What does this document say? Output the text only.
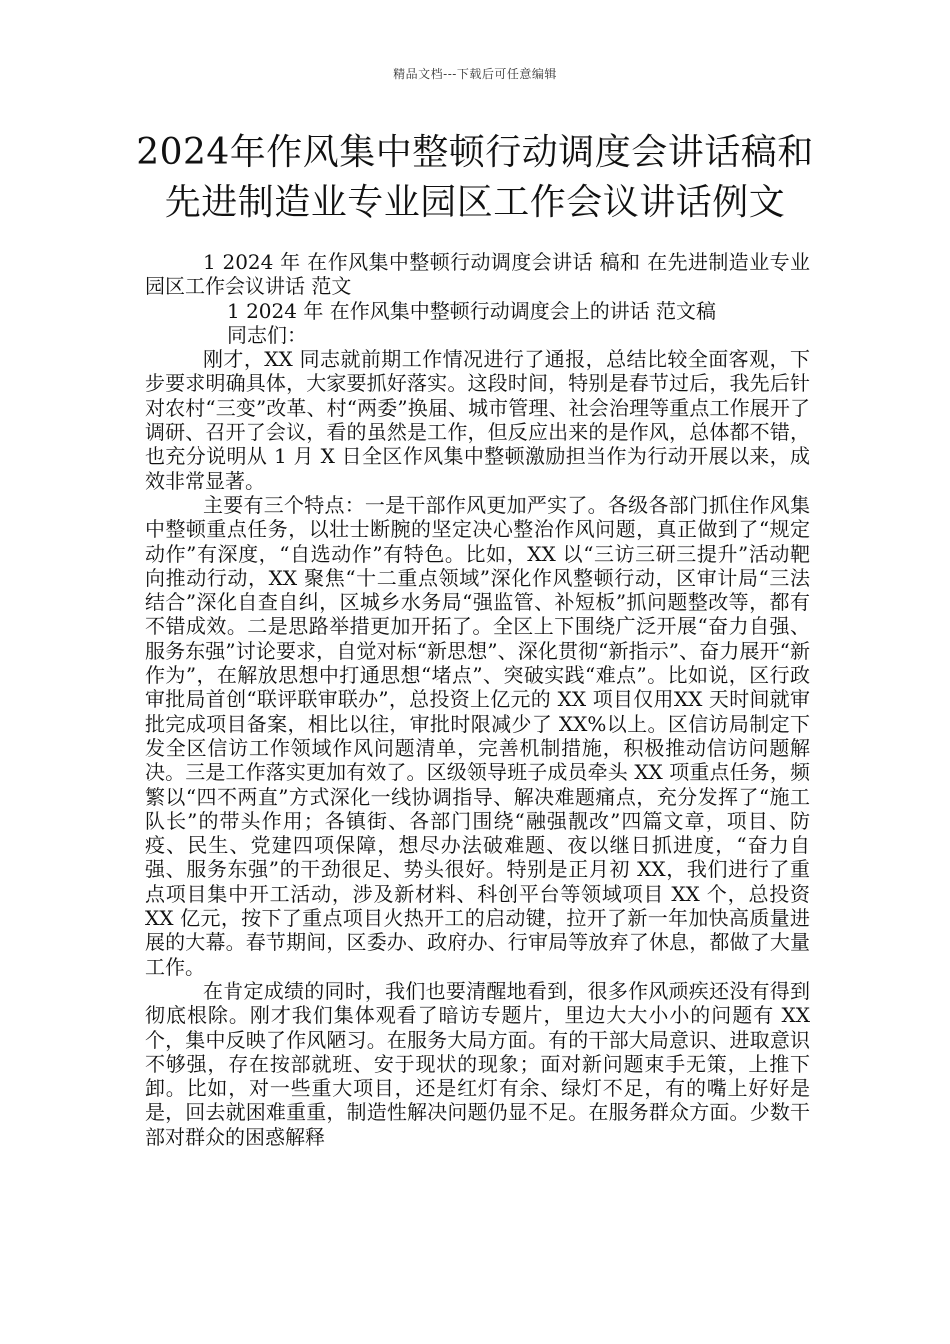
精品文档---下载后可任意编辑
2024年作风集中整顿行动调度会讲话稿和
先进制造业专业园区工作会议讲话例文

1 2024 年 在作风集中整顿行动调度会讲话 稿和 在先进制造业专业园区工作会议讲话 范文

1 2024 年 在作风集中整顿行动调度会上的讲话 范文稿

同志们：

刚才，XX 同志就前期工作情况进行了通报，总结比较全面客观，下步要求明确具体，大家要抓好落实。这段时间，特别是春节过后，我先后针对农村“三变”改革、村“两委”换届、城市管理、社会治理等重点工作展开了调研、召开了会议，看的虽然是工作，但反应出来的是作风，总体都不错，也充分说明从 1 月 X 日全区作风集中整顿激励担当作为行动开展以来，成效非常显著。

主要有三个特点：一是干部作风更加严实了。各级各部门抓住作风集中整顿重点任务，以壮士断腕的坚定决心整治作风问题，真正做到了“规定动作”有深度，“自选动作”有特色。比如，XX 以“三访三研三提升”活动靶向推动行动，XX 聚焦“十二重点领域”深化作风整顿行动，区审计局“三法结合”深化自查自纠，区城乡水务局“强监管、补短板”抓问题整改等，都有不错成效。二是思路举措更加开拓了。全区上下围绕广泛开展“奋力自强、服务东强”讨论要求，自觉对标“新思想”、深化贯彻“新指示”、奋力展开“新作为”，在解放思想中打通思想“堵点”、突破实践“难点”。比如说，区行政审批局首创“联评联审联办”，总投资上亿元的 XX 项目仅用XX 天时间就审批完成项目备案，相比以往，审批时限减少了 XX%以上。区信访局制定下发全区信访工作领域作风问题清单，完善机制措施，积极推动信访问题解决。三是工作落实更加有效了。区级领导班子成员牵头 XX 项重点任务，频繁以“四不两直”方式深化一线协调指导、解决难题痛点，充分发挥了“施工队长”的带头作用；各镇街、各部门围绕“融强靓改”四篇文章，项目、防疫、民生、党建四项保障，想尽办法破难题、夜以继日抓进度，“奋力自强、服务东强”的干劲很足、势头很好。特别是正月初 XX，我们进行了重点项目集中开工活动，涉及新材料、科创平台等领域项目 XX 个，总投资 XX 亿元，按下了重点项目火热开工的启动键，拉开了新一年加快高质量进展的大幕。春节期间，区委办、政府办、行审局等放弃了休息，都做了大量工作。

在肯定成绩的同时，我们也要清醒地看到，很多作风顽疾还没有得到彻底根除。刚才我们集体观看了暗访专题片，里边大大小小的问题有 XX 个，集中反映了作风陋习。在服务大局方面。有的干部大局意识、进取意识不够强，存在按部就班、安于现状的现象；面对新问题束手无策，上推下卸。比如，对一些重大项目，还是红灯有余、绿灯不足，有的嘴上好好是是，回去就困难重重，制造性解决问题仍显不足。在服务群众方面。少数干部对群众的困惑解释
